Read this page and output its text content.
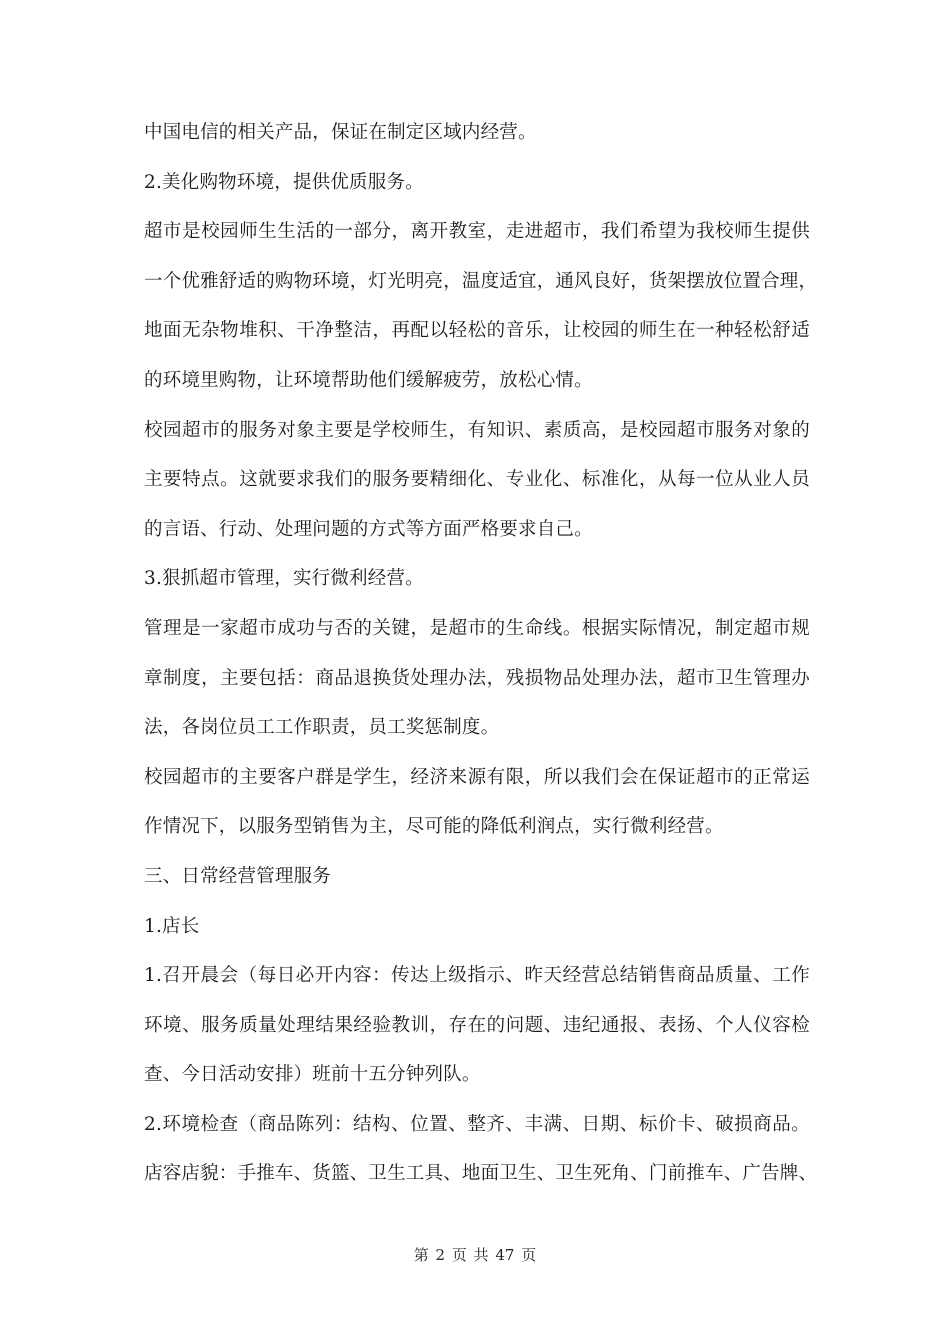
中国电信的相关产品，保证在制定区域内经营。
2.美化购物环境，提供优质服务。
超市是校园师生生活的一部分，离开教室，走进超市，我们希望为我校师生提供
一个优雅舒适的购物环境，灯光明亮，温度适宜，通风良好，货架摆放位置合理，
地面无杂物堆积、干净整洁，再配以轻松的音乐，让校园的师生在一种轻松舒适
的环境里购物，让环境帮助他们缓解疲劳，放松心情。
校园超市的服务对象主要是学校师生，有知识、素质高，是校园超市服务对象的
主要特点。这就要求我们的服务要精细化、专业化、标准化，从每一位从业人员
的言语、行动、处理问题的方式等方面严格要求自己。
3.狠抓超市管理，实行微利经营。
管理是一家超市成功与否的关键，是超市的生命线。根据实际情况，制定超市规
章制度，主要包括：商品退换货处理办法，残损物品处理办法，超市卫生管理办
法，各岗位员工工作职责，员工奖惩制度。
校园超市的主要客户群是学生，经济来源有限，所以我们会在保证超市的正常运
作情况下，以服务型销售为主，尽可能的降低利润点，实行微利经营。
三、日常经营管理服务
1.店长
1.召开晨会（每日必开内容：传达上级指示、昨天经营总结销售商品质量、工作
环境、服务质量处理结果经验教训，存在的问题、违纪通报、表扬、个人仪容检
查、今日活动安排）班前十五分钟列队。
2.环境检查（商品陈列：结构、位置、整齐、丰满、日期、标价卡、破损商品。
店容店貌：手推车、货篮、卫生工具、地面卫生、卫生死角、门前推车、广告牌、
第 2 页 共 47 页
